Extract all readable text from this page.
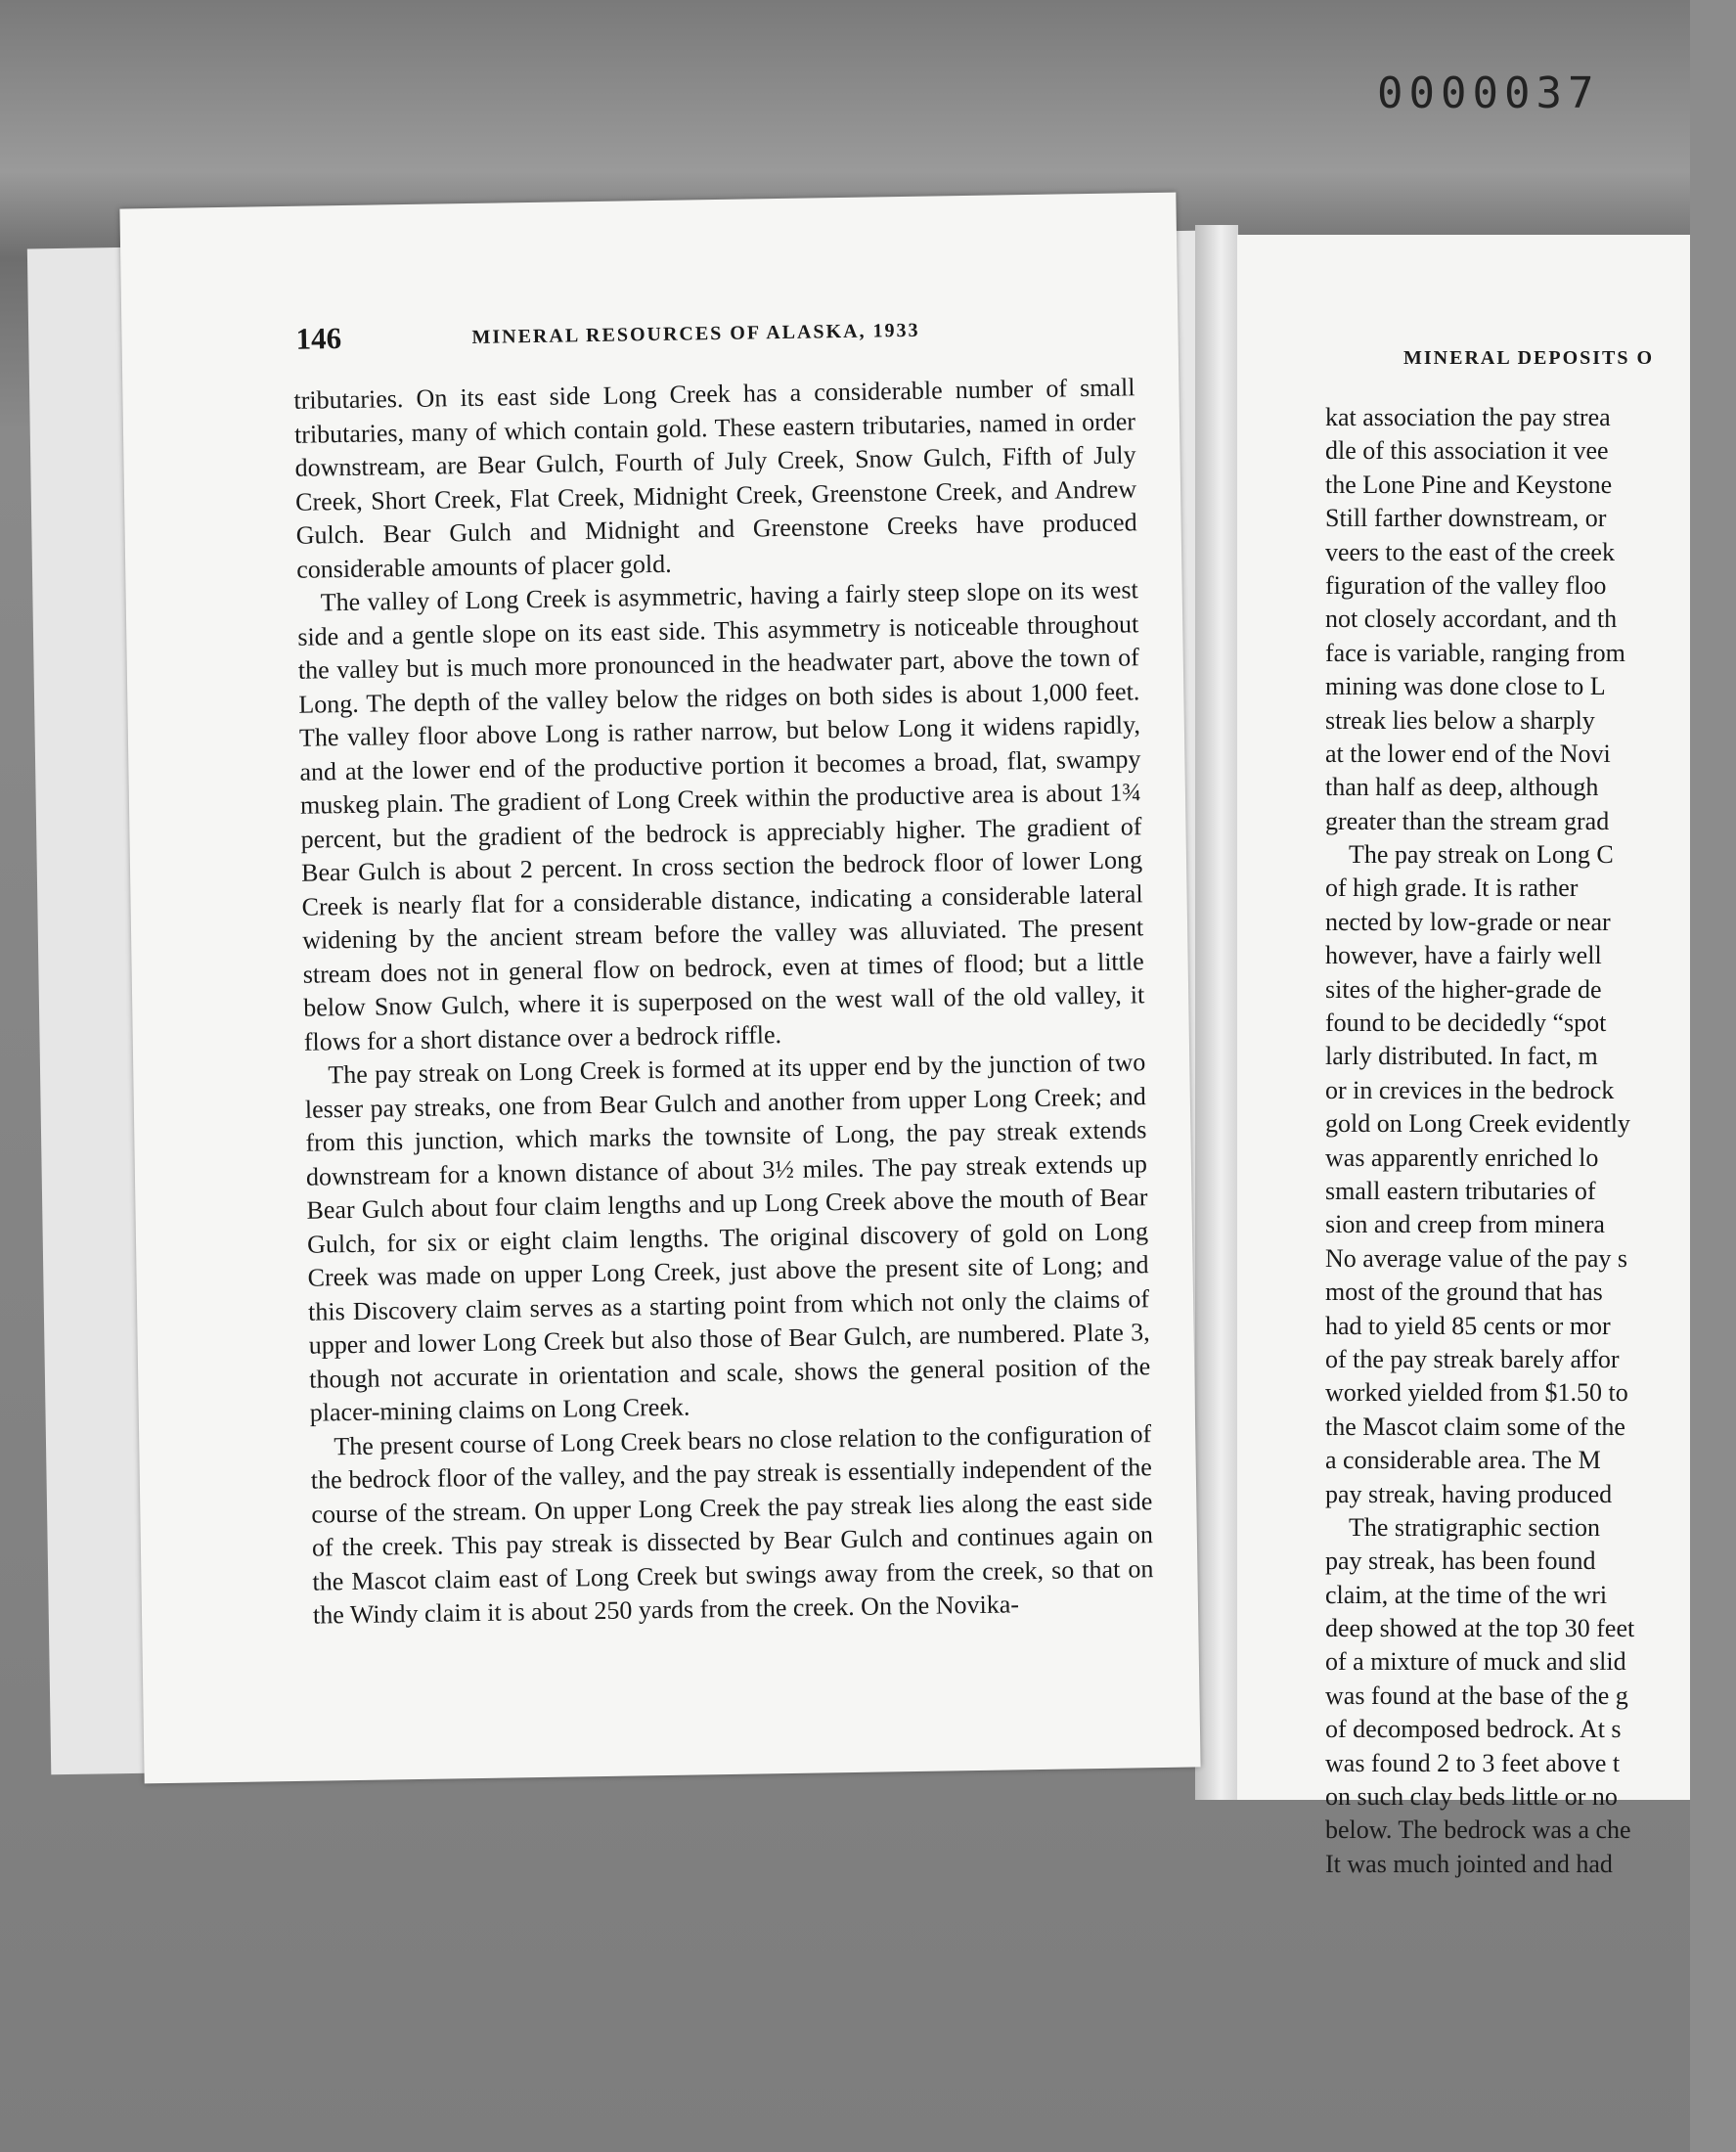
0000037
146	MINERAL RESOURCES OF ALASKA, 1933

tributaries. On its east side Long Creek has a considerable number of small tributaries, many of which contain gold. These eastern tributaries, named in order downstream, are Bear Gulch, Fourth of July Creek, Snow Gulch, Fifth of July Creek, Short Creek, Flat Creek, Midnight Creek, Greenstone Creek, and Andrew Gulch. Bear Gulch and Midnight and Greenstone Creeks have produced considerable amounts of placer gold.

The valley of Long Creek is asymmetric, having a fairly steep slope on its west side and a gentle slope on its east side. This asymmetry is noticeable throughout the valley but is much more pronounced in the headwater part, above the town of Long. The depth of the valley below the ridges on both sides is about 1,000 feet. The valley floor above Long is rather narrow, but below Long it widens rapidly, and at the lower end of the productive portion it becomes a broad, flat, swampy muskeg plain. The gradient of Long Creek within the productive area is about 1¾ percent, but the gradient of the bedrock is appreciably higher. The gradient of Bear Gulch is about 2 percent. In cross section the bedrock floor of lower Long Creek is nearly flat for a considerable distance, indicating a considerable lateral widening by the ancient stream before the valley was alluviated. The present stream does not in general flow on bedrock, even at times of flood; but a little below Snow Gulch, where it is superposed on the west wall of the old valley, it flows for a short distance over a bedrock riffle.

The pay streak on Long Creek is formed at its upper end by the junction of two lesser pay streaks, one from Bear Gulch and another from upper Long Creek; and from this junction, which marks the townsite of Long, the pay streak extends downstream for a known distance of about 3½ miles. The pay streak extends up Bear Gulch about four claim lengths and up Long Creek above the mouth of Bear Gulch, for six or eight claim lengths. The original discovery of gold on Long Creek was made on upper Long Creek, just above the present site of Long; and this Discovery claim serves as a starting point from which not only the claims of upper and lower Long Creek but also those of Bear Gulch, are numbered. Plate 3, though not accurate in orientation and scale, shows the general position of the placer-mining claims on Long Creek.

The present course of Long Creek bears no close relation to the configuration of the bedrock floor of the valley, and the pay streak is essentially independent of the course of the stream. On upper Long Creek the pay streak lies along the east side of the creek. This pay streak is dissected by Bear Gulch and continues again on the Mascot claim east of Long Creek but swings away from the creek, so that on the Windy claim it is about 250 yards from the creek. On the Novika-

MINERAL DEPOSITS O
kat association the pay strea
dle of this association it vee
the Lone Pine and Keystone
Still farther downstream, or
veers to the east of the creek
figuration of the valley floo
not closely accordant, and th
face is variable, ranging from
mining was done close to L
streak lies below a sharply
at the lower end of the Novi
than half as deep, although
greater than the stream grad
The pay streak on Long C
of high grade. It is rather
nected by low-grade or near
however, have a fairly well
sites of the higher-grade de
found to be decidedly “spot
larly distributed. In fact, m
or in crevices in the bedrock
gold on Long Creek evidently
was apparently enriched lo
small eastern tributaries of
sion and creep from minera
No average value of the pay s
most of the ground that has
had to yield 85 cents or mor
of the pay streak barely affor
worked yielded from $1.50 to
the Mascot claim some of the
a considerable area. The M
pay streak, having produced
The stratigraphic section
pay streak, has been found
claim, at the time of the wri
deep showed at the top 30 feet
of a mixture of muck and slid
was found at the base of the g
of decomposed bedrock. At s
was found 2 to 3 feet above t
on such clay beds little or no
below. The bedrock was a che
It was much jointed and had
